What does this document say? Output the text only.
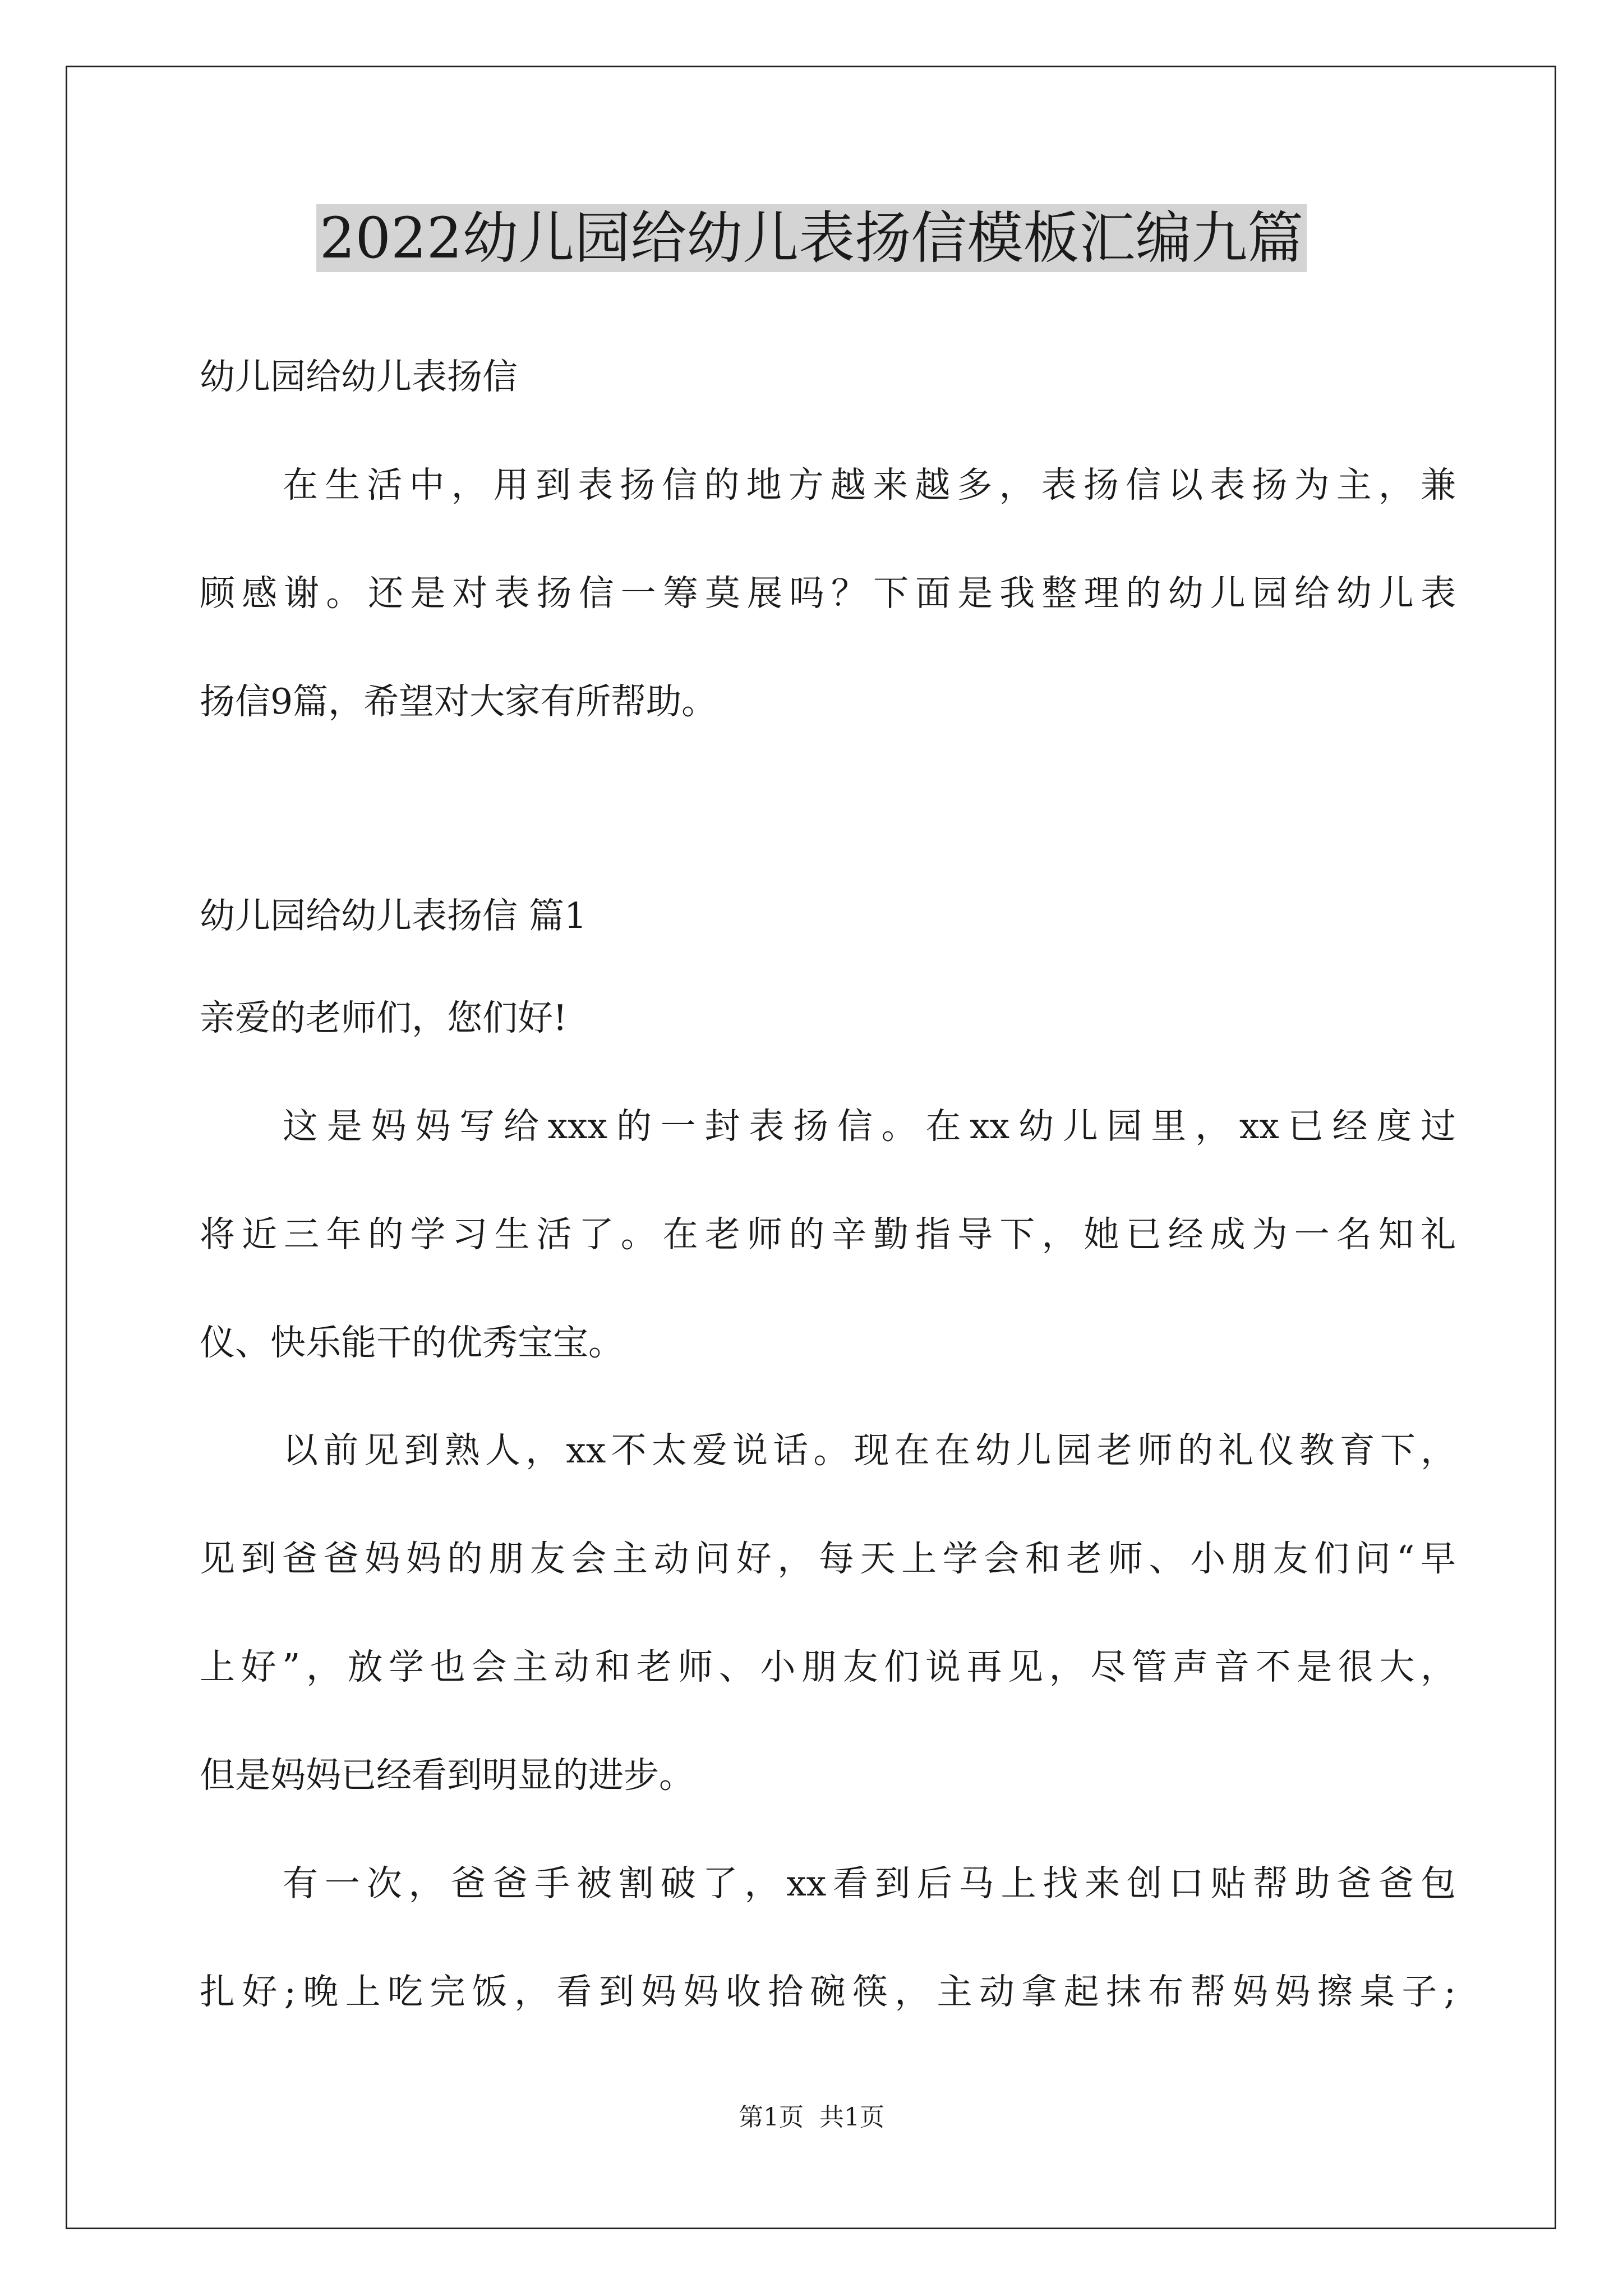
2022幼儿园给幼儿表扬信模板汇编九篇
幼儿园给幼儿表扬信
在生活中，用到表扬信的地方越来越多，表扬信以表扬为主，兼
顾感谢。还是对表扬信一筹莫展吗？下面是我整理的幼儿园给幼儿表
扬信9篇，希望对大家有所帮助。
幼儿园给幼儿表扬信 篇1
亲爱的老师们，您们好!
这是妈妈写给xxx的一封表扬信。在xx幼儿园里，xx已经度过
将近三年的学习生活了。在老师的辛勤指导下，她已经成为一名知礼
仪、快乐能干的优秀宝宝。
以前见到熟人，xx不太爱说话。现在在幼儿园老师的礼仪教育下，
见到爸爸妈妈的朋友会主动问好，每天上学会和老师、小朋友们问“早
上好”，放学也会主动和老师、小朋友们说再见，尽管声音不是很大，
但是妈妈已经看到明显的进步。
有一次，爸爸手被割破了，xx看到后马上找来创口贴帮助爸爸包
扎好;晚上吃完饭，看到妈妈收拾碗筷，主动拿起抹布帮妈妈擦桌子;
第1页 共1页
